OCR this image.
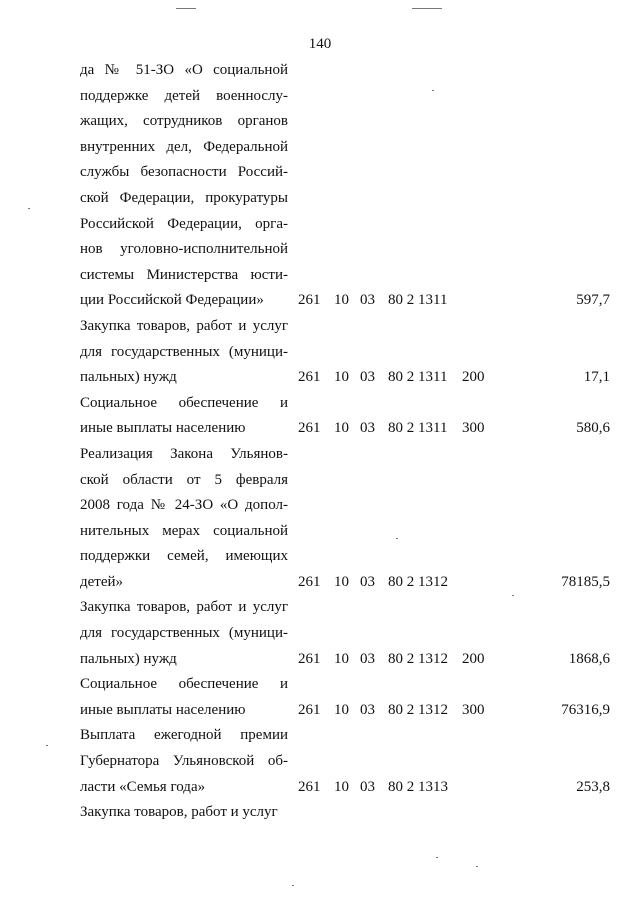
140
да № 51-ЗО «О социальной
поддержке детей военнослу-
жащих, сотрудников органов
внутренних дел, Федеральной
службы безопасности Россий-
ской Федерации, прокуратуры
Российской Федерации, орга-
нов уголовно-исполнительной
системы Министерства юсти-
ции Российской Федерации»	261 10 03 80 2 1311	597,7
Закупка товаров, работ и услуг
для государственных (муници-
пальных) нужд	261 10 03 80 2 1311 200	17,1
Социальное обеспечение и
иные выплаты населению	261 10 03 80 2 1311 300	580,6
Реализация Закона Ульянов-
ской области от 5 февраля
2008 года № 24-ЗО «О допол-
нительных мерах социальной
поддержки семей, имеющих
детей»	261 10 03 80 2 1312	78185,5
Закупка товаров, работ и услуг
для государственных (муници-
пальных) нужд	261 10 03 80 2 1312 200	1868,6
Социальное обеспечение и
иные выплаты населению	261 10 03 80 2 1312 300	76316,9
Выплата ежегодной премии
Губернатора Ульяновской об-
ласти «Семья года»	261 10 03 80 2 1313	253,8
Закупка товаров, работ и услуг
